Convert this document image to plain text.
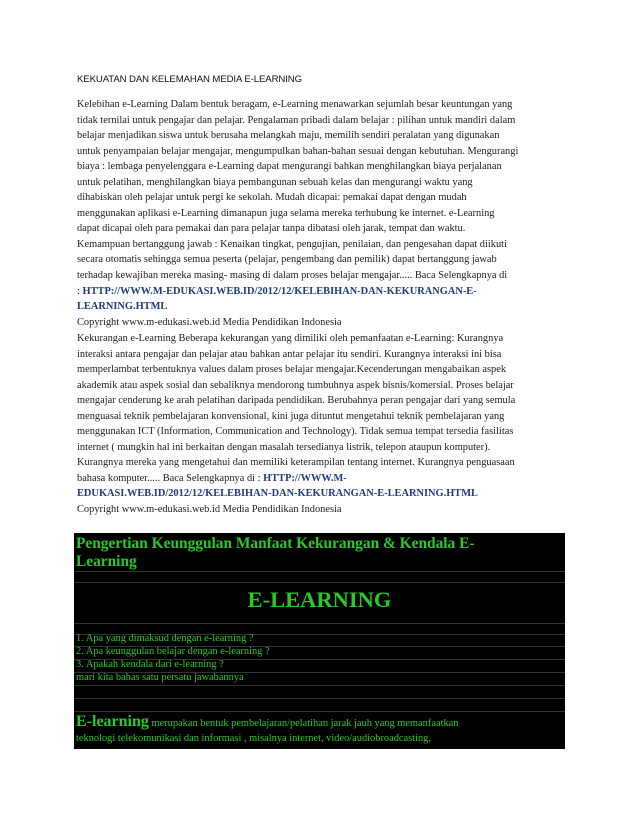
KEKUATAN DAN KELEMAHAN MEDIA E-LEARNING
Kelebihan e-Learning Dalam bentuk beragam, e-Learning menawarkan sejumlah besar keuntungan yang
tidak ternilai untuk pengajar dan pelajar. Pengalaman pribadi dalam belajar : pilihan untuk mandiri dalam
belajar menjadikan siswa untuk berusaha melangkah maju, memilih sendiri peralatan yang digunakan
untuk penyampaian belajar mengajar, mengumpulkan bahan-bahan sesuai dengan kebutuhan. Mengurangi
biaya : lembaga penyelenggara e-Learning dapat mengurangi bahkan menghilangkan biaya perjalanan
untuk pelatihan, menghilangkan biaya pembangunan sebuah kelas dan mengurangi waktu yang
dihabiskan oleh pelajar untuk pergi ke sekolah. Mudah dicapai: pemakai dapat dengan mudah
menggunakan aplikasi e-Learning dimanapun juga selama mereka terhubung ke internet. e-Learning
dapat dicapai oleh para pemakai dan para pelajar tanpa dibatasi oleh jarak, tempat dan waktu.
Kemampuan bertanggung jawab : Kenaikan tingkat, pengujian, penilaian, dan pengesahan dapat diikuti
secara otomatis sehingga semua peserta (pelajar, pengembang dan pemilik) dapat bertanggung jawab
terhadap kewajiban mereka masing- masing di dalam proses belajar mengajar..... Baca Selengkapnya di
: HTTP://WWW.M-EDUKASI.WEB.ID/2012/12/KELEBIHAN-DAN-KEKURANGAN-E-
LEARNING.HTML
Copyright www.m-edukasi.web.id Media Pendidikan Indonesia
Kekurangan e-Learning Beberapa kekurangan yang dimiliki oleh pemanfaatan e-Learning: Kurangnya
interaksi antara pengajar dan pelajar atau bahkan antar pelajar itu sendiri. Kurangnya interaksi ini bisa
memperlambat terbentuknya values dalam proses belajar mengajar.Kecenderungan mengabaikan aspek
akademik atau aspek sosial dan sebaliknya mendorong tumbuhnya aspek bisnis/komersial. Proses belajar
mengajar cenderung ke arah pelatihan daripada pendidikan. Berubahnya peran pengajar dari yang semula
menguasai teknik pembelajaran konvensional, kini juga dituntut mengetahui teknik pembelajaran yang
menggunakan ICT (Information, Communication and Technology). Tidak semua tempat tersedia fasilitas
internet ( mungkin hal ini berkaitan dengan masalah tersedianya listrik, telepon ataupun komputer).
Kurangnya mereka yang mengetahui dan memiliki keterampilan tentang internet. Kurangnya penguasaan
bahasa komputer..... Baca Selengkapnya di : HTTP://WWW.M-
EDUKASI.WEB.ID/2012/12/KELEBIHAN-DAN-KEKURANGAN-E-LEARNING.HTML
Copyright www.m-edukasi.web.id Media Pendidikan Indonesia
Pengertian Keunggulan Manfaat Kekurangan & Kendala E-
Learning
E-LEARNING
1. Apa yang dimaksud dengan e-learning ?
2. Apa keunggulan belajar dengan e-learning ?
3. Apakah kendala dari e-learning ?
mari kita bahas satu persatu jawabannya
E-learning merupakan bentuk pembelajaran/pelatihan jarak jauh yang memanfaatkan
teknologi telekomunikasi dan informasi , misalnya internet, video/audiobroadcasting,
